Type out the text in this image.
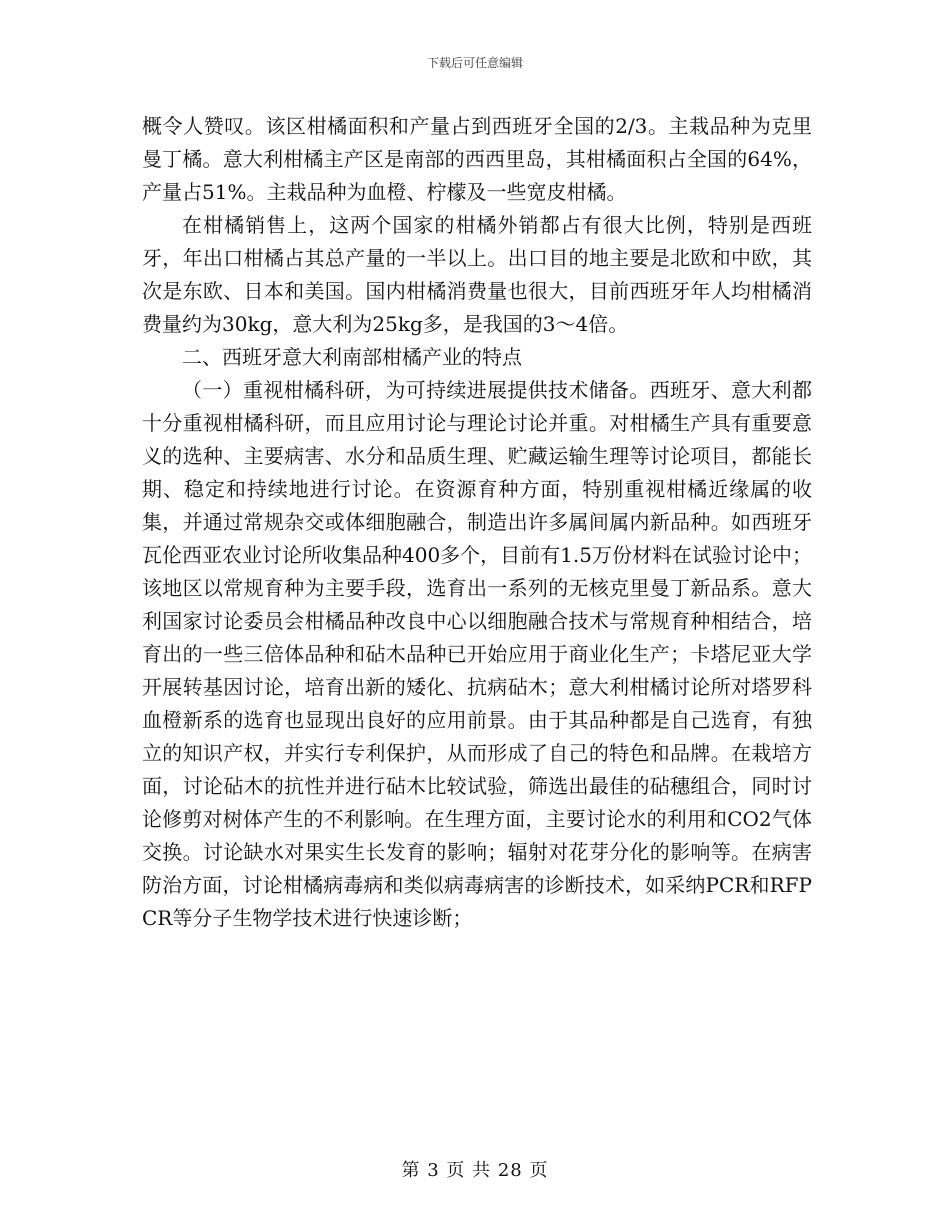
下载后可任意编辑

概令人赞叹。该区柑橘面积和产量占到西班牙全国的2/3。主栽品种为克里曼丁橘。意大利柑橘主产区是南部的西西里岛，其柑橘面积占全国的64%，产量占51%。主栽品种为血橙、柠檬及一些宽皮柑橘。

在柑橘销售上，这两个国家的柑橘外销都占有很大比例，特别是西班牙，年出口柑橘占其总产量的一半以上。出口目的地主要是北欧和中欧，其次是东欧、日本和美国。国内柑橘消费量也很大，目前西班牙年人均柑橘消费量约为30kg，意大利为25kg多，是我国的3～4倍。

二、西班牙意大利南部柑橘产业的特点

（一）重视柑橘科研，为可持续进展提供技术储备。西班牙、意大利都十分重视柑橘科研，而且应用讨论与理论讨论并重。对柑橘生产具有重要意义的选种、主要病害、水分和品质生理、贮藏运输生理等讨论项目，都能长期、稳定和持续地进行讨论。在资源育种方面，特别重视柑橘近缘属的收集，并通过常规杂交或体细胞融合，制造出许多属间属内新品种。如西班牙瓦伦西亚农业讨论所收集品种400多个，目前有1.5万份材料在试验讨论中；该地区以常规育种为主要手段，选育出一系列的无核克里曼丁新品系。意大利国家讨论委员会柑橘品种改良中心以细胞融合技术与常规育种相结合，培育出的一些三倍体品种和砧木品种已开始应用于商业化生产；卡塔尼亚大学开展转基因讨论，培育出新的矮化、抗病砧木；意大利柑橘讨论所对塔罗科血橙新系的选育也显现出良好的应用前景。由于其品种都是自己选育，有独立的知识产权，并实行专利保护，从而形成了自己的特色和品牌。在栽培方面，讨论砧木的抗性并进行砧木比较试验，筛选出最佳的砧穗组合，同时讨论修剪对树体产生的不利影响。在生理方面，主要讨论水的利用和CO2气体交换。讨论缺水对果实生长发育的影响；辐射对花芽分化的影响等。在病害防治方面，讨论柑橘病毒病和类似病毒病害的诊断技术，如采纳PCR和RFPCR等分子生物学技术进行快速诊断；

第 3 页 共 28 页
